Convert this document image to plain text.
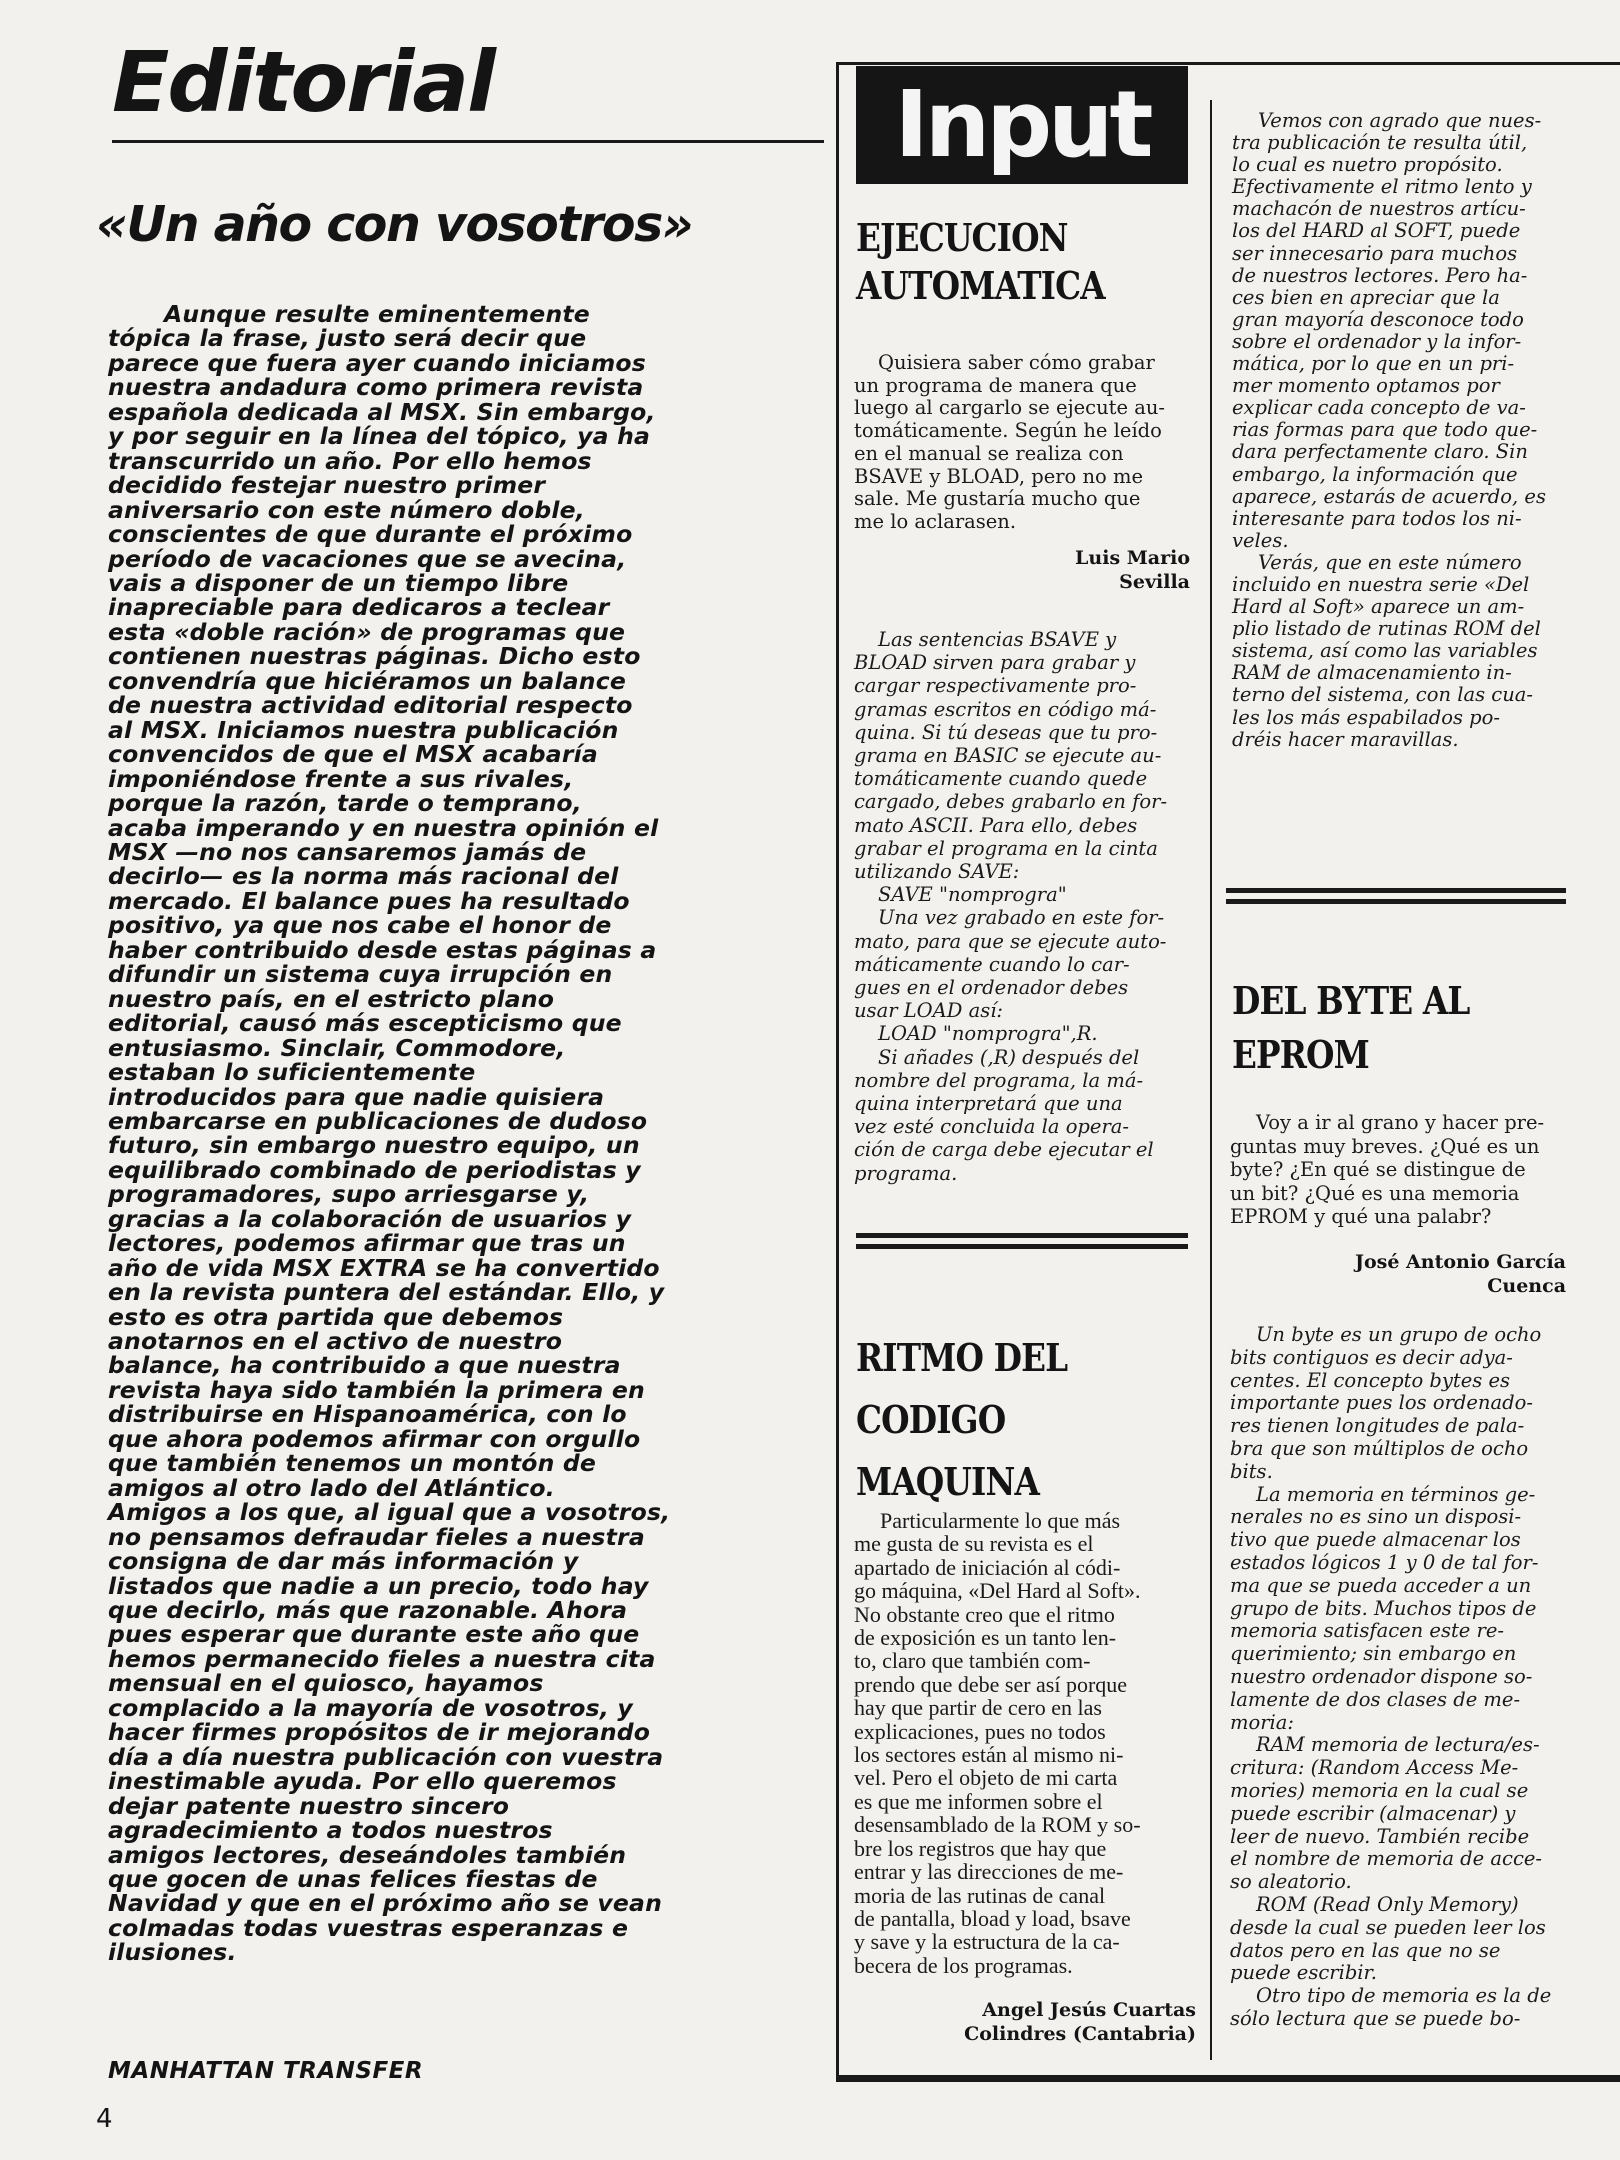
Editorial
«Un año con vosotros»

Aunque resulte eminentemente
tópica la frase, justo será decir que
parece que fuera ayer cuando iniciamos
nuestra andadura como primera revista
española dedicada al MSX. Sin embargo,
y por seguir en la línea del tópico, ya ha
transcurrido un año. Por ello hemos
decidido festejar nuestro primer
aniversario con este número doble,
conscientes de que durante el próximo
período de vacaciones que se avecina,
vais a disponer de un tiempo libre
inapreciable para dedicaros a teclear
esta «doble ración» de programas que
contienen nuestras páginas. Dicho esto
convendría que hiciéramos un balance
de nuestra actividad editorial respecto
al MSX. Iniciamos nuestra publicación
convencidos de que el MSX acabaría
imponiéndose frente a sus rivales,
porque la razón, tarde o temprano,
acaba imperando y en nuestra opinión el
MSX —no nos cansaremos jamás de
decirlo— es la norma más racional del
mercado. El balance pues ha resultado
positivo, ya que nos cabe el honor de
haber contribuido desde estas páginas a
difundir un sistema cuya irrupción en
nuestro país, en el estricto plano
editorial, causó más escepticismo que
entusiasmo. Sinclair, Commodore,
estaban lo suficientemente
introducidos para que nadie quisiera
embarcarse en publicaciones de dudoso
futuro, sin embargo nuestro equipo, un
equilibrado combinado de periodistas y
programadores, supo arriesgarse y,
gracias a la colaboración de usuarios y
lectores, podemos afirmar que tras un
año de vida MSX EXTRA se ha convertido
en la revista puntera del estándar. Ello, y
esto es otra partida que debemos
anotarnos en el activo de nuestro
balance, ha contribuido a que nuestra
revista haya sido también la primera en
distribuirse en Hispanoamérica, con lo
que ahora podemos afirmar con orgullo
que también tenemos un montón de
amigos al otro lado del Atlántico.
Amigos a los que, al igual que a vosotros,
no pensamos defraudar fieles a nuestra
consigna de dar más información y
listados que nadie a un precio, todo hay
que decirlo, más que razonable. Ahora
pues esperar que durante este año que
hemos permanecido fieles a nuestra cita
mensual en el quiosco, hayamos
complacido a la mayoría de vosotros, y
hacer firmes propósitos de ir mejorando
día a día nuestra publicación con vuestra
inestimable ayuda. Por ello queremos
dejar patente nuestro sincero
agradecimiento a todos nuestros
amigos lectores, deseándoles también
que gocen de unas felices fiestas de
Navidad y que en el próximo año se vean
colmadas todas vuestras esperanzas e
ilusiones.

MANHATTAN TRANSFER

4

Input
EJECUCION
AUTOMATICA

Quisiera saber cómo grabar
un programa de manera que
luego al cargarlo se ejecute au-
tomáticamente. Según he leído
en el manual se realiza con
BSAVE y BLOAD, pero no me
sale. Me gustaría mucho que
me lo aclarasen.

Luis Mario
Sevilla

Las sentencias BSAVE y
BLOAD sirven para grabar y
cargar respectivamente pro-
gramas escritos en código má-
quina. Si tú deseas que tu pro-
grama en BASIC se ejecute au-
tomáticamente cuando quede
cargado, debes grabarlo en for-
mato ASCII. Para ello, debes
grabar el programa en la cinta
utilizando SAVE:
SAVE "nomprogra"
Una vez grabado en este for-
mato, para que se ejecute auto-
máticamente cuando lo car-
gues en el ordenador debes
usar LOAD así:
LOAD "nomprogra",R.
Si añades (,R) después del
nombre del programa, la má-
quina interpretará que una
vez esté concluida la opera-
ción de carga debe ejecutar el
programa.

RITMO DEL
CODIGO
MAQUINA

Particularmente lo que más
me gusta de su revista es el
apartado de iniciación al códi-
go máquina, «Del Hard al Soft».
No obstante creo que el ritmo
de exposición es un tanto len-
to, claro que también com-
prendo que debe ser así porque
hay que partir de cero en las
explicaciones, pues no todos
los sectores están al mismo ni-
vel. Pero el objeto de mi carta
es que me informen sobre el
desensamblado de la ROM y so-
bre los registros que hay que
entrar y las direcciones de me-
moria de las rutinas de canal
de pantalla, bload y load, bsave
y save y la estructura de la ca-
becera de los programas.

Angel Jesús Cuartas
Colindres (Cantabria)

Vemos con agrado que nues-
tra publicación te resulta útil,
lo cual es nuetro propósito.
Efectivamente el ritmo lento y
machacón de nuestros artícu-
los del HARD al SOFT, puede
ser innecesario para muchos
de nuestros lectores. Pero ha-
ces bien en apreciar que la
gran mayoría desconoce todo
sobre el ordenador y la infor-
mática, por lo que en un pri-
mer momento optamos por
explicar cada concepto de va-
rias formas para que todo que-
dara perfectamente claro. Sin
embargo, la información que
aparece, estarás de acuerdo, es
interesante para todos los ni-
veles.
Verás, que en este número
incluido en nuestra serie «Del
Hard al Soft» aparece un am-
plio listado de rutinas ROM del
sistema, así como las variables
RAM de almacenamiento in-
terno del sistema, con las cua-
les los más espabilados po-
dréis hacer maravillas.

DEL BYTE AL
EPROM

Voy a ir al grano y hacer pre-
guntas muy breves. ¿Qué es un
byte? ¿En qué se distingue de
un bit? ¿Qué es una memoria
EPROM y qué una palabr?

José Antonio García
Cuenca

Un byte es un grupo de ocho
bits contiguos es decir adya-
centes. El concepto bytes es
importante pues los ordenado-
res tienen longitudes de pala-
bra que son múltiplos de ocho
bits.
La memoria en términos ge-
nerales no es sino un disposi-
tivo que puede almacenar los
estados lógicos 1 y 0 de tal for-
ma que se pueda acceder a un
grupo de bits. Muchos tipos de
memoria satisfacen este re-
querimiento; sin embargo en
nuestro ordenador dispone so-
lamente de dos clases de me-
moria:
RAM memoria de lectura/es-
critura: (Random Access Me-
mories) memoria en la cual se
puede escribir (almacenar) y
leer de nuevo. También recibe
el nombre de memoria de acce-
so aleatorio.
ROM (Read Only Memory)
desde la cual se pueden leer los
datos pero en las que no se
puede escribir.
Otro tipo de memoria es la de
sólo lectura que se puede bo-
